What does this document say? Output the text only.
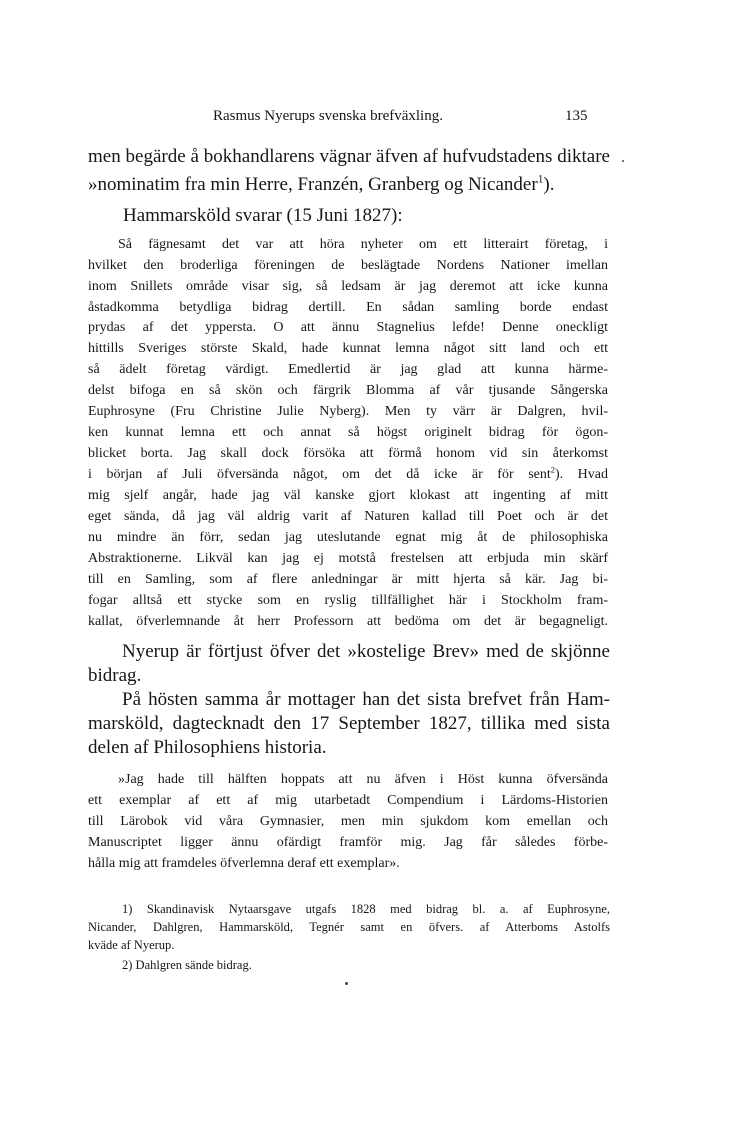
Rasmus Nyerups svenska brefväxling.	135
men begärde å bokhandlarens vägnar äfven af hufvudstadens diktare
»nominatim fra min Herre, Franzén, Granberg og Nicander$^1$).
Hammarsköld svarar (15 Juni 1827):
Så fägnesamt det var att höra nyheter om ett litterairt företag, i
hvilket den broderliga föreningen de beslägtade Nordens Nationer imellan
inom Snillets område visar sig, så ledsam är jag deremot att icke kunna
åstadkomma betydliga bidrag dertill. En sådan samling borde endast
prydas af det yppersta. O att ännu Stagnelius lefde! Denne oneckligt
hittills Sveriges störste Skald, hade kunnat lemna något sitt land och ett
så ädelt företag värdigt. Emedlertid är jag glad att kunna härme-
delst bifoga en så skön och färgrik Blomma af vår tjusande Sångerska
Euphrosyne (Fru Christine Julie Nyberg). Men ty värr är Dalgren, hvil-
ken kunnat lemna ett och annat så högst originelt bidrag för ögon-
blicket borta. Jag skall dock försöka att förmå honom vid sin återkomst
i början af Juli öfversända något, om det då icke är för sent$^2$). Hvad
mig sjelf angår, hade jag väl kanske gjort klokast att ingenting af mitt
eget sända, då jag väl aldrig varit af Naturen kallad till Poet och är det
nu mindre än förr, sedan jag uteslutande egnat mig åt de philosophiska
Abstraktionerne. Likväl kan jag ej motstå frestelsen att erbjuda min skärf
till en Samling, som af flere anledningar är mitt hjerta så kär. Jag bi-
fogar alltså ett stycke som en ryslig tillfällighet här i Stockholm fram-
kallat, öfverlemnande åt herr Professorn att bedöma om det är begagneligt.
Nyerup är förtjust öfver det »kostelige Brev» med de skjönne
bidrag.
På hösten samma år mottager han det sista brefvet från Ham-
marsköld, dagtecknadt den 17 September 1827, tillika med sista
delen af Philosophiens historia.
»Jag hade till hälften hoppats att nu äfven i Höst kunna öfversända
ett exemplar af ett af mig utarbetadt Compendium i Lärdoms-Historien
till Lärobok vid våra Gymnasier, men min sjukdom kom emellan och
Manuscriptet ligger ännu ofärdigt framför mig. Jag får således förbe-
hålla mig att framdeles öfverlemna deraf ett exemplar».
1) Skandinavisk Nytaarsgave utgafs 1828 med bidrag bl. a. af Euphrosyne,
Nicander, Dahlgren, Hammarsköld, Tegnér samt en öfvers. af Atterboms Astolfs
kväde af Nyerup.
2) Dahlgren sände bidrag.
